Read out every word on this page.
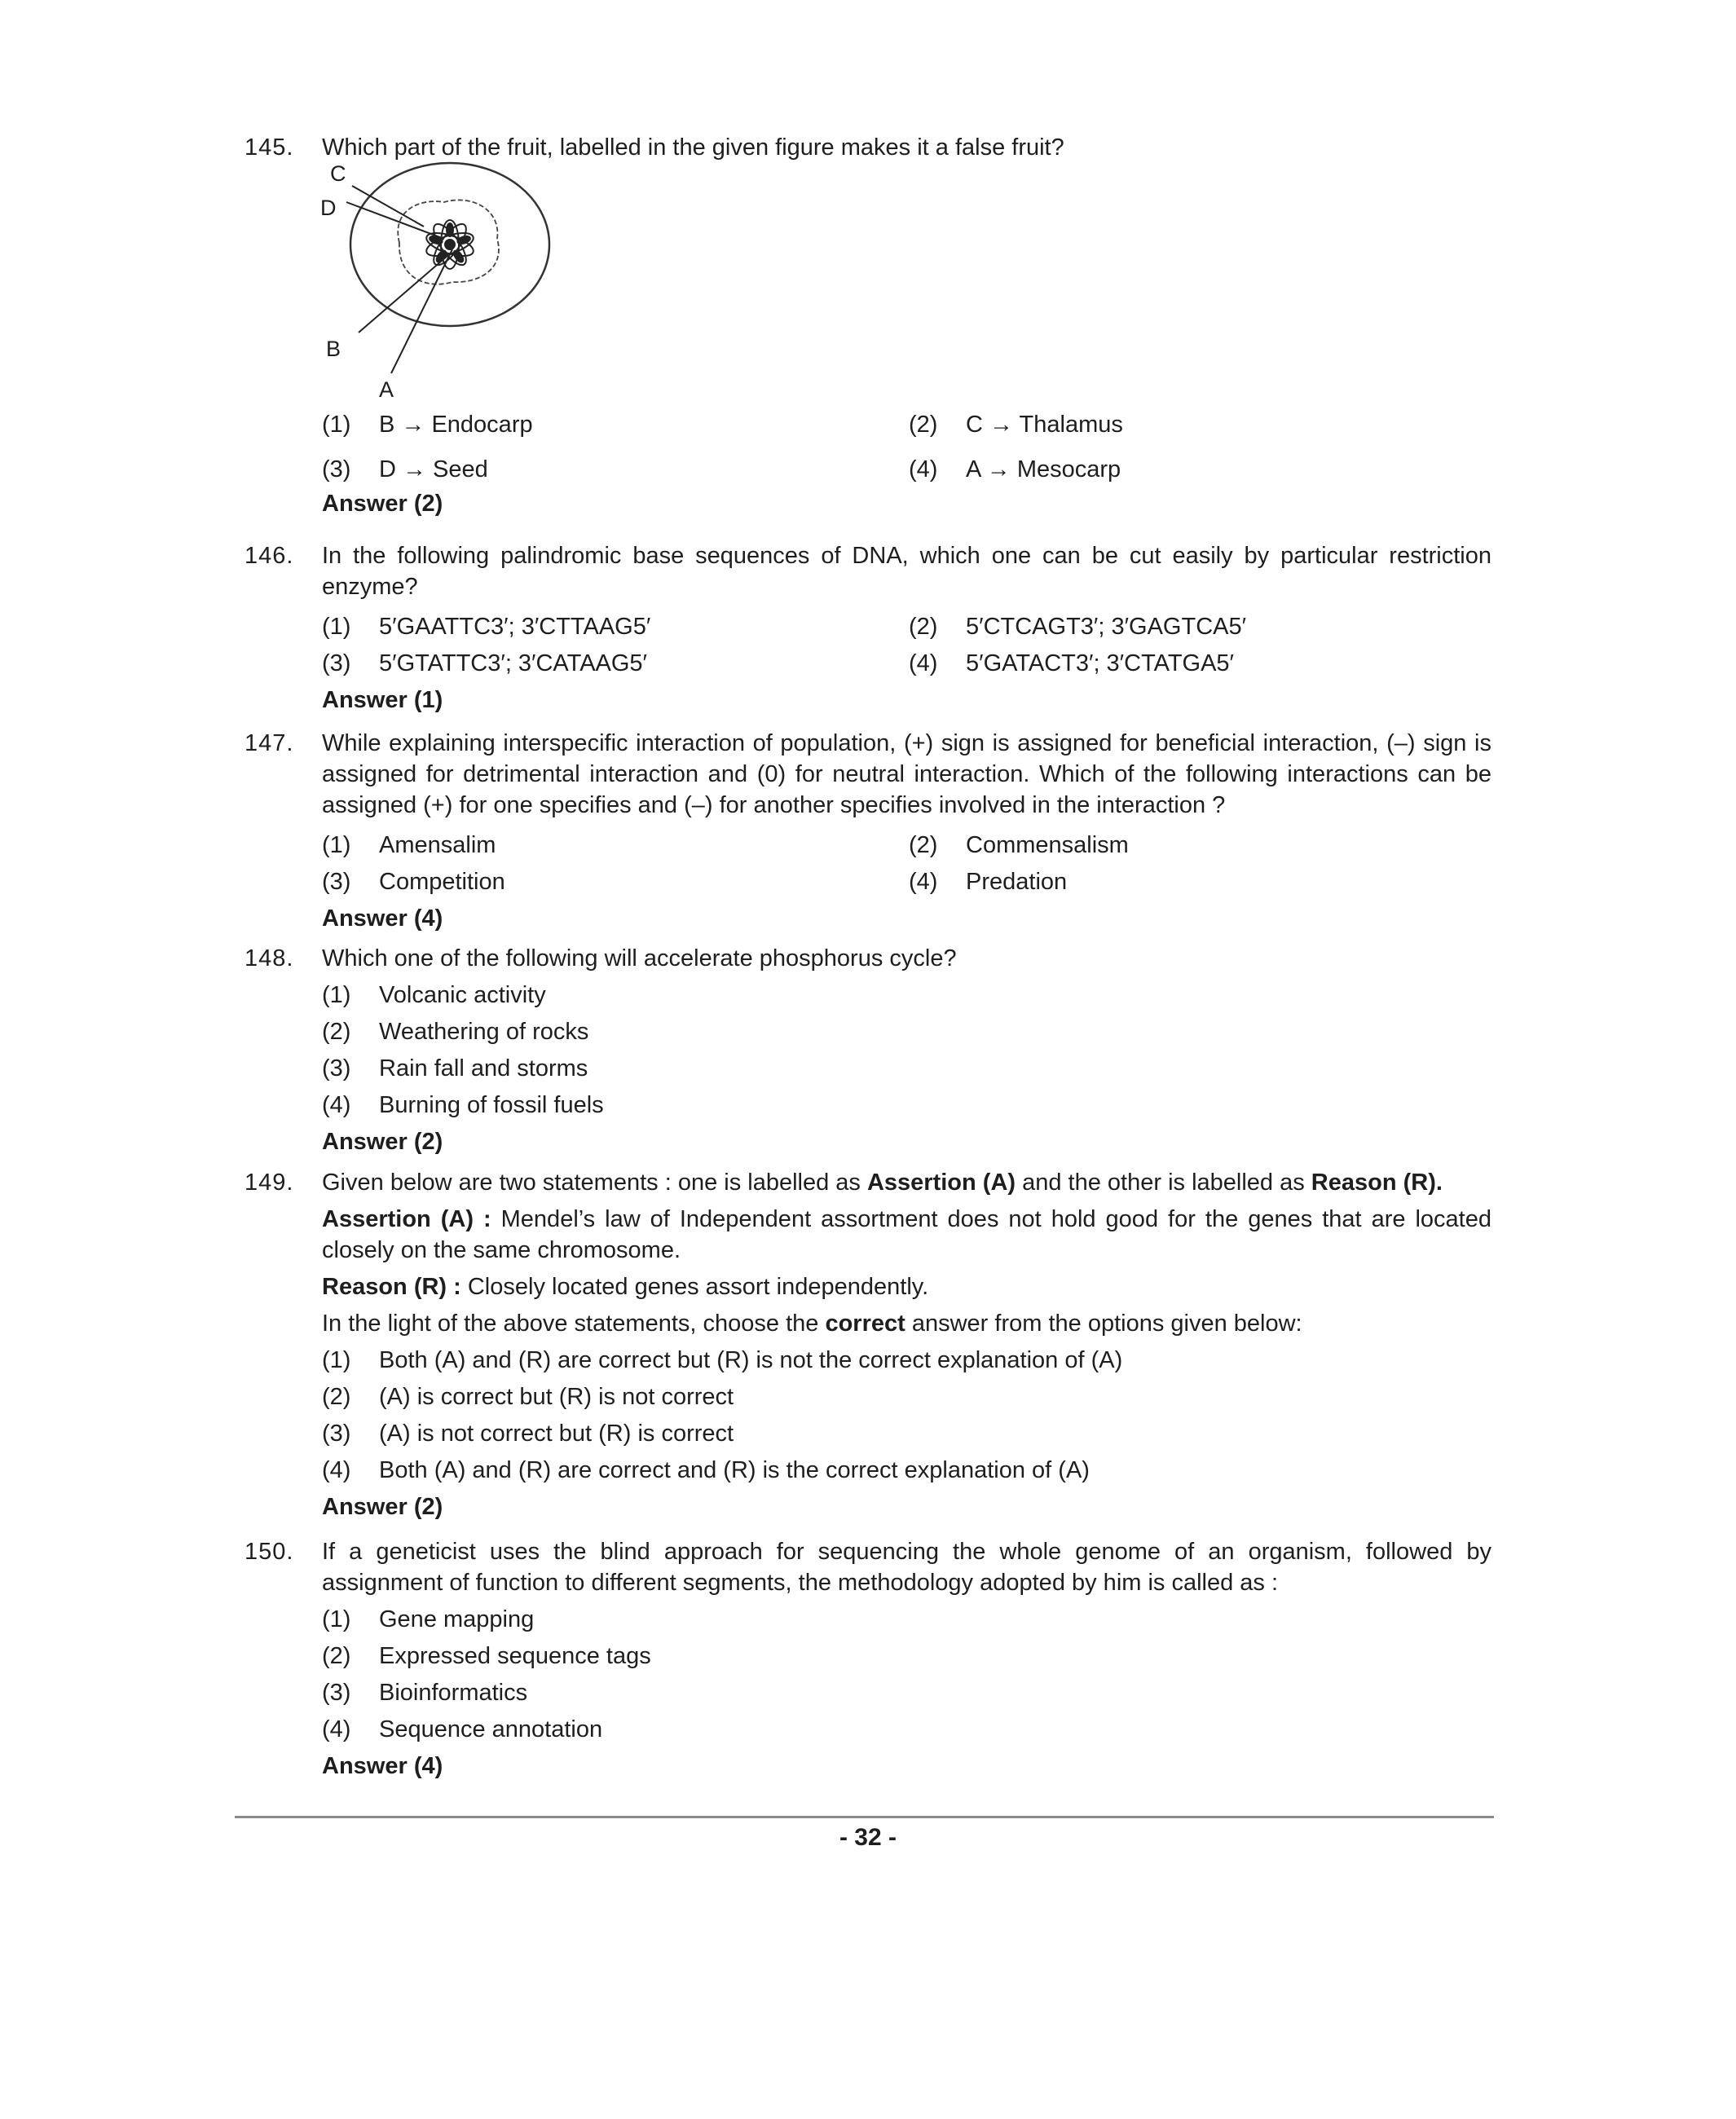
145.	Which part of the fruit, labelled in the given figure makes it a false fruit?
(1) B → Endocarp	(2) C → Thalamus
(3) D → Seed	(4) A → Mesocarp
Answer (2)
C
D
B
A
146.	In the following palindromic base sequences of DNA, which one can be cut easily by particular restriction enzyme?
(1) 5′GAATTC3′; 3′CTTAAG5′	(2) 5′CTCAGT3′; 3′GAGTCA5′
(3) 5′GTATTC3′; 3′CATAAG5′	(4) 5′GATACT3′; 3′CTATGA5′
Answer (1)
147.	While explaining interspecific interaction of population, (+) sign is assigned for beneficial interaction, (–) sign is assigned for detrimental interaction and (0) for neutral interaction. Which of the following interactions can be assigned (+) for one specifies and (–) for another specifies involved in the interaction ?
(1) Amensalim	(2) Commensalism
(3) Competition	(4) Predation
Answer (4)
148.	Which one of the following will accelerate phosphorus cycle?
(1) Volcanic activity
(2) Weathering of rocks
(3) Rain fall and storms
(4) Burning of fossil fuels
Answer (2)
149.	Given below are two statements : one is labelled as Assertion (A) and the other is labelled as Reason (R).
Assertion (A) : Mendel’s law of Independent assortment does not hold good for the genes that are located closely on the same chromosome.
Reason (R) : Closely located genes assort independently.
In the light of the above statements, choose the correct answer from the options given below:
(1) Both (A) and (R) are correct but (R) is not the correct explanation of (A)
(2) (A) is correct but (R) is not correct
(3) (A) is not correct but (R) is correct
(4) Both (A) and (R) are correct and (R) is the correct explanation of (A)
Answer (2)
150.	If a geneticist uses the blind approach for sequencing the whole genome of an organism, followed by assignment of function to different segments, the methodology adopted by him is called as :
(1) Gene mapping
(2) Expressed sequence tags
(3) Bioinformatics
(4) Sequence annotation
Answer (4)
- 32 -
